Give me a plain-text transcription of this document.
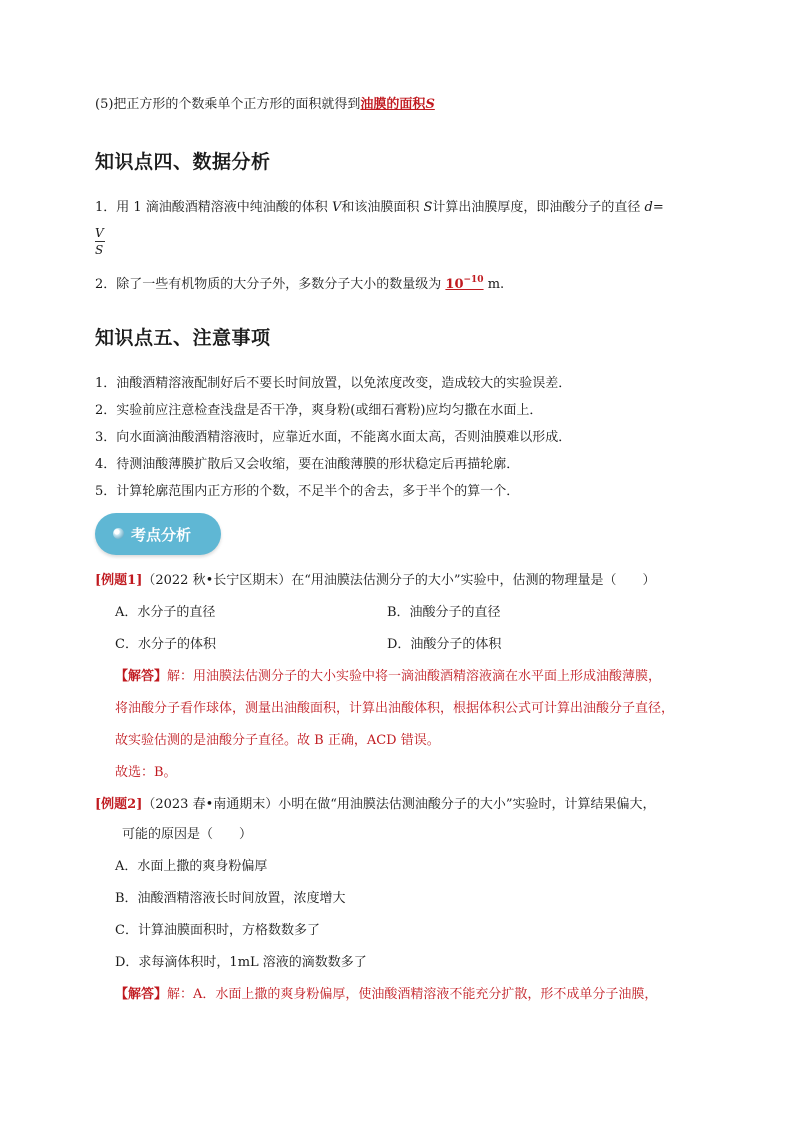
(5)把正方形的个数乘单个正方形的面积就得到油膜的面积S
知识点四、数据分析
1．用 1 滴油酸酒精溶液中纯油酸的体积 V和该油膜面积 S计算出油膜厚度，即油酸分子的直径 d=
V
S
2．除了一些有机物质的大分子外，多数分子大小的数量级为 $10^{-10}$ m.
知识点五、注意事项
1．油酸酒精溶液配制好后不要长时间放置，以免浓度改变，造成较大的实验误差．
2．实验前应注意检查浅盘是否干净，爽身粉(或细石膏粉)应均匀撒在水面上．
3．向水面滴油酸酒精溶液时，应靠近水面，不能离水面太高，否则油膜难以形成．
4．待测油酸薄膜扩散后又会收缩，要在油酸薄膜的形状稳定后再描轮廓．
5．计算轮廓范围内正方形的个数，不足半个的舍去，多于半个的算一个．
考点分析
[例题1]（2022 秋•长宁区期末）在“用油膜法估测分子的大小”实验中，估测的物理量是（　　）
A．水分子的直径	B．油酸分子的直径
C．水分子的体积	D．油酸分子的体积
【解答】解：用油膜法估测分子的大小实验中将一滴油酸酒精溶液滴在水平面上形成油酸薄膜，
将油酸分子看作球体，测量出油酸面积，计算出油酸体积，根据体积公式可计算出油酸分子直径，
故实验估测的是油酸分子直径。故 B 正确，ACD 错误。
故选：B。
[例题2]（2023 春•南通期末）小明在做“用油膜法估测油酸分子的大小”实验时，计算结果偏大，
可能的原因是（　　）
A．水面上撒的爽身粉偏厚
B．油酸酒精溶液长时间放置，浓度增大
C．计算油膜面积时，方格数数多了
D．求每滴体积时，1mL 溶液的滴数数多了
【解答】解：A．水面上撒的爽身粉偏厚，使油酸酒精溶液不能充分扩散，形不成单分子油膜，
